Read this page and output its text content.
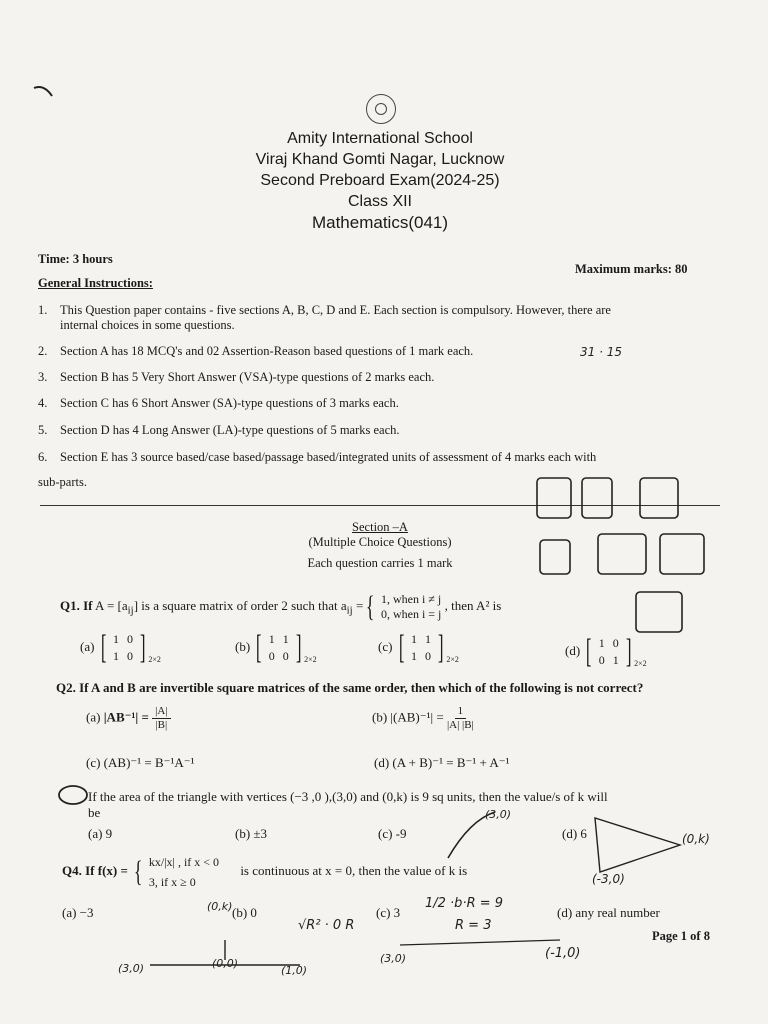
Amity International School
Viraj Khand Gomti Nagar, Lucknow
Second Preboard Exam(2024-25)
Class XII
Mathematics(041)
Time: 3 hours
Maximum marks: 80
General Instructions:
1. This Question paper contains - five sections A, B, C, D and E. Each section is compulsory. However, there are
internal choices in some questions.
2. Section A has 18 MCQ's and 02 Assertion-Reason based questions of 1 mark each.
3. Section B has 5 Very Short Answer (VSA)-type questions of 2 marks each.
4. Section C has 6 Short Answer (SA)-type questions of 3 marks each.
5. Section D has 4 Long Answer (LA)-type questions of 5 marks each.
6. Section E has 3 source based/case based/passage based/integrated units of assessment of 4 marks each with
sub-parts.
Section –A
(Multiple Choice Questions)
Each question carries 1 mark
Q1. If $A = [a_{ij}]$ is a square matrix of order 2 such that $a_{ij}$ ={ 1, when i ≠ j
0, when i = j
, then A² is
(a) [ 1 0
1 0 ] $_{2\times 2}$
(b) [ 1 1
0 0 ] $_{2\times 2}$
(c) [ 1 1
1 0 ] $_{2\times 2}$
(d) [ 1 0
0 1 ] $_{2\times 2}$
Q2. If A and B are invertible square matrices of the same order, then which of the following is not correct?
(a) $|AB^{-1}| = \frac{|A|}{|B|}$	(b) $|(AB)^{-1}| = \frac{1}{|A| |B|}$
(c) (AB)⁻¹ = B⁻¹A⁻¹	(d) (A + B)⁻¹ = B⁻¹ + A⁻¹
If the area of the triangle with vertices (−3 ,0 ),(3,0) and (0,k) is 9 sq units, then the value/s of k will
be
(a) 9	(b) ±3	(c) -9	(d) 6
Q4. If f(x) = { kx/|x| , if x < 0
3, if x ≥ 0
is continuous at x = 0, then the value of k is
(a) −3	(b) 0	(c) 3	(d) any real number
Page 1 of 8
31 · 15
(3,0)
(0,k)
(-3,0)
(0,k)	1/2 ·b·R = 9
R = 3
√R² · 0 R
(3,0)	(-1,0)
(3,0)	(0,0)
(1,0)
